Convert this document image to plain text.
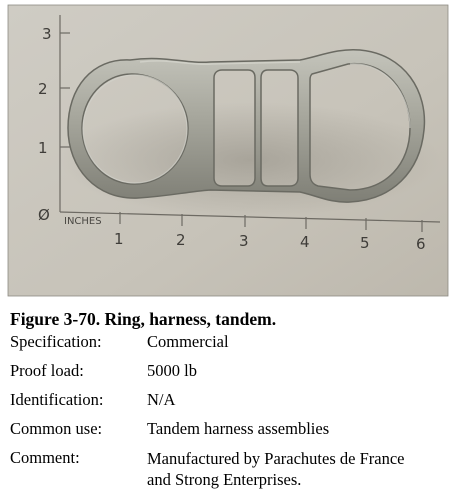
3
2
1
Ø INCHES
1	2	3	4	5	6
Figure 3-70. Ring, harness, tandem.
Specification:	Commercial
Proof load:	5000 lb
Identification:	N/A
Common use:	Tandem harness assemblies
Comment:	Manufactured by Parachutes de France
and Strong Enterprises.
